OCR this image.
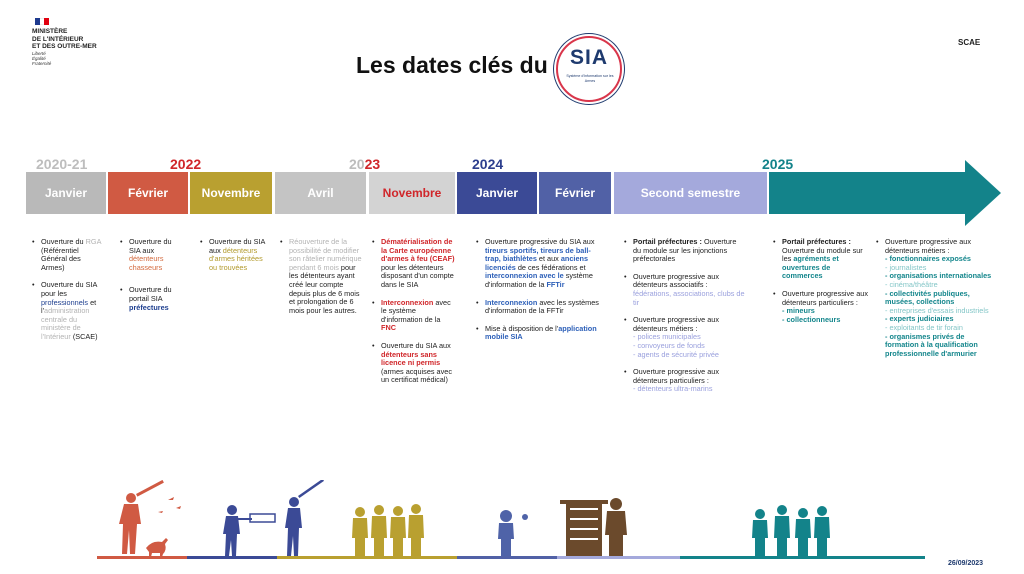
MINISTÈRE
DE L'INTÉRIEUR
ET DES OUTRE-MER
Liberté
Égalité
Fraternité
SCAE
Les dates clés du	SIA
Système d'Information sur les Armes
2020-21	2022	2023	2024	2025
Janvier	Février	Novembre	Avril	Novembre	Janvier	Février	Second semestre
• Ouverture du RGA (Référentiel Général des Armes)
• Ouverture du SIA pour les professionnels et l'administration centrale du ministère de l'Intérieur (SCAE)
• Ouverture du SIA aux détenteurs chasseurs
• Ouverture du portail SIA préfectures
• Ouverture du SIA aux détenteurs d'armes héritées ou trouvées
• Réouverture de la possibilité de modifier son râtelier numérique pendant 6 mois pour les détenteurs ayant créé leur compte depuis plus de 6 mois et prolongation de 6 mois pour les autres.
• Dématérialisation de la Carte européenne d'armes à feu (CEAF) pour les détenteurs disposant d'un compte dans le SIA
• Interconnexion avec le système d'information de la FNC
• Ouverture du SIA aux détenteurs sans licence ni permis (armes acquises avec un certificat médical)
• Ouverture progressive du SIA aux tireurs sportifs, tireurs de ball-trap, biathlètes et aux anciens licenciés de ces fédérations et interconnexion avec le système d'information de la FFTir
• Interconnexion avec les systèmes d'information de la FFTir
• Mise à disposition de l'application mobile SIA
• Portail préfectures : Ouverture du module sur les injonctions préfectorales
• Ouverture progressive aux détenteurs associatifs : fédérations, associations, clubs de tir
• Ouverture progressive aux détenteurs métiers :
- polices municipales
- convoyeurs de fonds
- agents de sécurité privée
• Ouverture progressive aux détenteurs particuliers :
- détenteurs ultra-marins
• Portail préfectures : Ouverture du module sur les agréments et ouvertures de commerces
• Ouverture progressive aux détenteurs particuliers :
- mineurs
- collectionneurs
• Ouverture progressive aux détenteurs métiers :
- fonctionnaires exposés
- journalistes
- organisations internationales
- cinéma/théâtre
- collectivités publiques, musées, collections
- entreprises d'essais industriels
- experts judiciaires
- exploitants de tir forain
- organismes privés de formation à la qualification professionnelle d'armurier
26/09/2023
